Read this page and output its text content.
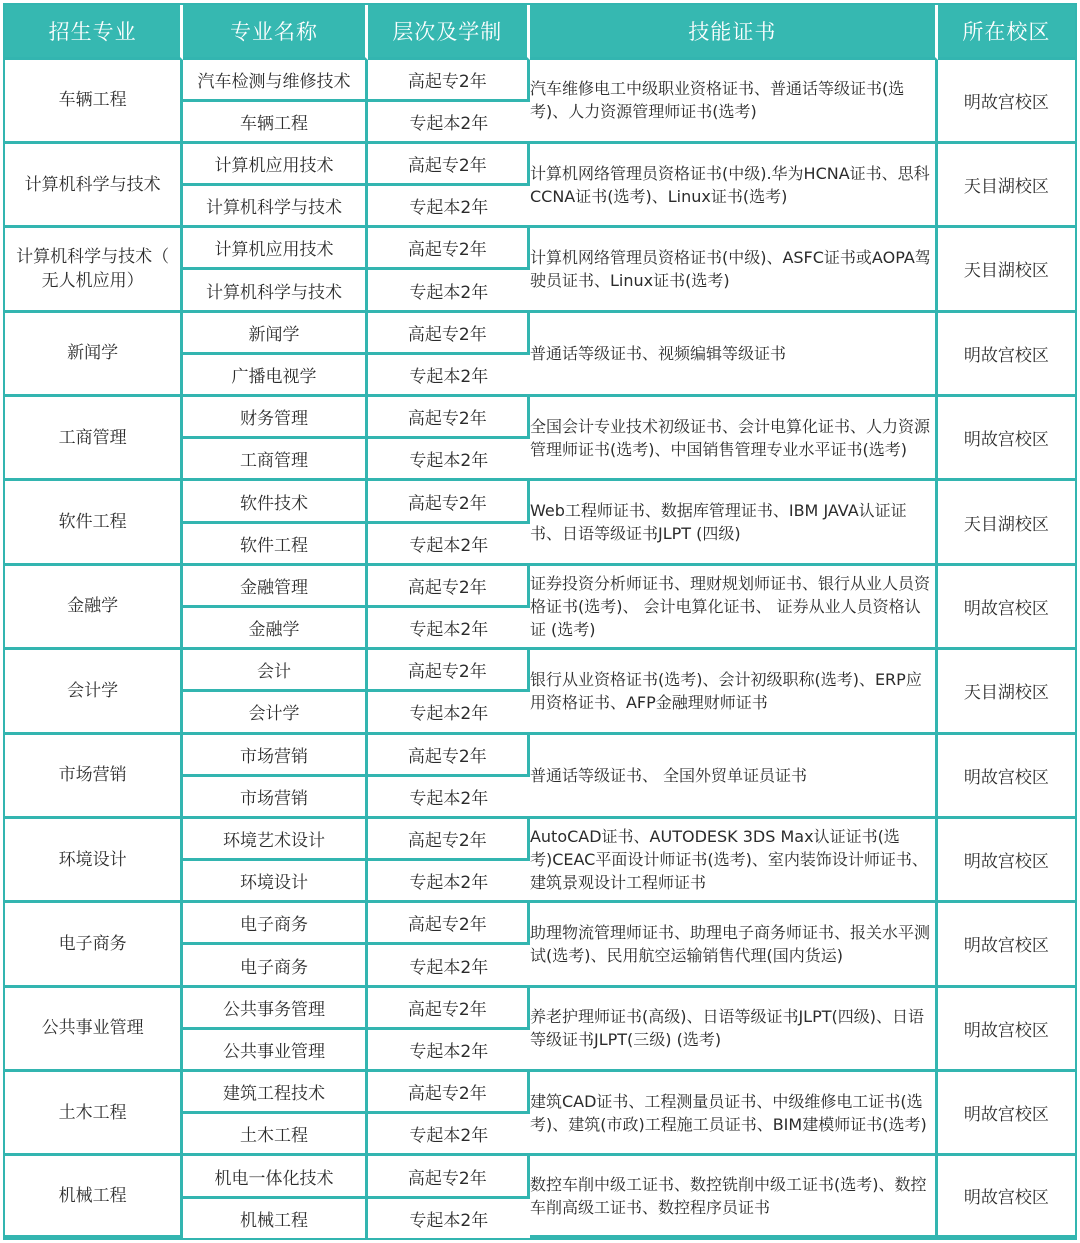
招生专业	专业名称	层次及学制	技能证书	所在校区
车辆工程	汽车检测与维修技术	高起专2年	汽车维修电工中级职业资格证书、普通话等级证书(选考)、人力资源管理师证书(选考)	明故宫校区
	车辆工程	专起本2年		
计算机科学与技术	计算机应用技术	高起专2年	计算机网络管理员资格证书(中级).华为HCNA证书、思科CCNA证书(选考)、Linux证书(选考)	天目湖校区
	计算机科学与技术	专起本2年		
计算机科学与技术（ 无人机应用）	计算机应用技术	高起专2年	计算机网络管理员资格证书(中级)、ASFC证书或AOPA驾驶员证书、Linux证书(选考)	天目湖校区
	计算机科学与技术	专起本2年		
新闻学	新闻学	高起专2年	普通话等级证书、视频编辑等级证书	明故宫校区
	广播电视学	专起本2年		
工商管理	财务管理	高起专2年	全国会计专业技术初级证书、会计电算化证书、人力资源管理师证书(选考)、中国销售管理专业水平证书(选考)	明故宫校区
	工商管理	专起本2年		
软件工程	软件技术	高起专2年	Web工程师证书、数据库管理证书、IBM JAVA认证证书、日语等级证书JLPT (四级)	天目湖校区
	软件工程	专起本2年		
金融学	金融管理	高起专2年	证券投资分析师证书、理财规划师证书、银行从业人员资格证书(选考)、 会计电算化证书、 证券从业人员资格认证 (选考)	明故宫校区
	金融学	专起本2年		
会计学	会计	高起专2年	银行从业资格证书(选考)、会计初级职称(选考)、ERP应用资格证书、AFP金融理财师证书	天目湖校区
	会计学	专起本2年		
市场营销	市场营销	高起专2年	普通话等级证书、 全国外贸单证员证书	明故宫校区
	市场营销	专起本2年		
环境设计	环境艺术设计	高起专2年	AutoCAD证书、AUTODESK 3DS Max认证证书(选考)CEAC平面设计师证书(选考)、室内装饰设计师证书、建筑景观设计工程师证书	明故宫校区
	环境设计	专起本2年		
电子商务	电子商务	高起专2年	助理物流管理师证书、助理电子商务师证书、报关水平测试(选考)、民用航空运输销售代理(国内货运)	明故宫校区
	电子商务	专起本2年		
公共事业管理	公共事务管理	高起专2年	养老护理师证书(高级)、日语等级证书JLPT(四级)、日语等级证书JLPT(三级) (选考)	明故宫校区
	公共事业管理	专起本2年		
土木工程	建筑工程技术	高起专2年	建筑CAD证书、工程测量员证书、中级维修电工证书(选考)、建筑(市政)工程施工员证书、BIM建模师证书(选考)	明故宫校区
	土木工程	专起本2年		
机械工程	机电一体化技术	高起专2年	数控车削中级工证书、数控铣削中级工证书(选考)、数控车削高级工证书、数控程序员证书	明故宫校区
	机械工程	专起本2年		
